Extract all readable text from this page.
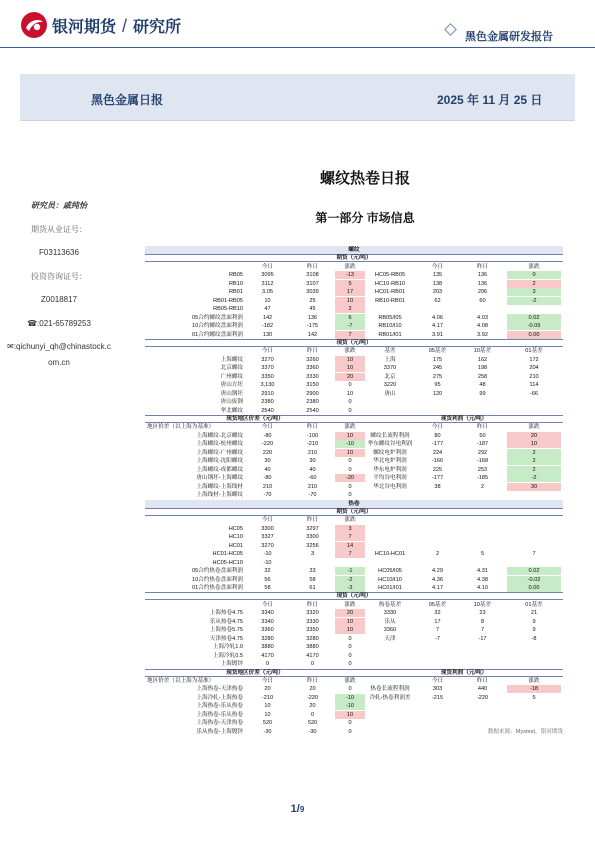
银河期货 / 研究所
黑色金属研发报告
黑色金属日报	2025 年 11 月 25 日
研究员：戚纯怡
期货从业证号：
F03113636
投资咨询证号：
Z0018817
☎:021-65789253
✉:qichunyi_qh@chinastock.c
om.cn
螺纹热卷日报
第一部分 市场信息
螺纹
期货（元/吨）
今日	昨日	涨跌	今日	昨日	涨跌
RB05	3095	3108	-13	HC05-RB05	135	136	0
RB10	3112	3107	5	HC10-RB10	138	136	2
RB01	3,05	3039	17	HC01-RB01	203	206	3
RB01-RB05	10	25	10	RB10-RB01	62	60	-2
RB05-RB10	47	45	2
05合约螺纹盘面利润	142	136	6	RB05/I05	4.06	4.03	0.02
10合约螺纹盘面利润	-182	-175	-7	RB10/I10	4.17	4.08	-0.09
01合约螺纹盘面利润	130	142	7	RB01/I01	3.91	3.92	0.00
现货（元/吨）
今日	昨日	涨跌	基差	05基差	10基差	01基差
上海螺纹	3270	3260	10	上海	175	162	172
北京螺纹	3370	3360	10	3370	245	198	204
广州螺纹	3350	3330	20	北京	275	258	210
唐山方坯	3,130	3150	0	3220	95	48	114
唐山钢坯	2910	2900	10	唐山	120	99	-66
唐山废钢	2380	2380	0
华北螺纹	2540	2540	0
现货地区价差（元/吨）	现货利润（元/吨）
地区价差（以上海为基准）	今日	昨日	涨跌	今日	昨日	涨跌
上海螺纹-北京螺纹	-80	-100	10	螺纹长流程利润	80	50	20
上海螺纹-杭州螺纹	-220	-210	-10	华东螺纹谷电利润	-177	-187	10
上海螺纹-广州螺纹	220	210	10	螺纹电炉利润	224	292	2
上海螺纹-沈阳螺纹	30	30	0	华北电炉利润	-166	-168	2
上海螺纹-成都螺纹	40	40	0	华东电炉利润	225	253	2
唐山钢坯-上海螺纹	-80	-60	-20	平均谷电利润	-177	-185	-2
上海螺纹-上海线材	210	210	0	华北谷电利润	38	2	30
上海线材-上海螺纹	-70	-70	0
热卷
期货（元/吨）
今日	昨日	涨跌
HC05	3300	3297	3
HC10	3327	3300	7
HC01	3270	3256	14
HC01-HC05	-10	3	7	HC10-HC01	2	5	7
HC05-HC10	-10
05合约热卷盘面利润	32	33	-1	HC05/I05	4.29	4.31	0.02
10合约热卷盘面利润	56	58	-2	HC10/I10	4.36	4.38	-0.02
01合约热卷盘面利润	58	61	-3	HC01/I01	4.17	4.10	0.00
现货（元/吨）
今日	昨日	涨跌	热卷基差	05基差	10基差	01基差
上海热卷4.75	3340	3320	20	3330	32	23	21
乐从热卷4.75	3340	3330	10	乐从	17	8	9
上海热卷5.75	3360	3350	10	3360	7	7	9
天津热卷4.75	3280	3280	0	天津	-7	-17	-8
上海冷轧1.0	3880	3880	0
上海冷轧0.5	4170	4170	0
上海镀锌	0	0	0
现货地区价差（元/吨）	现货利润（元/吨）
地区价差（以上海为基准）	今日	昨日	涨跌	今日	昨日	涨跌
上海热卷-天津热卷	20	20	0	热卷长流程利润	303	440	-18
上海冷轧-上海热卷	-210	-220	-10	冷轧-热卷利润差	-215	-220	5
上海热卷-乐从热卷	10	20	-10
上海热卷-乐从热卷	10	0	10
上海热卷-天津热卷	520	520	0
乐从热卷-上海镀锌	-30	-30	0	数据来源：Mysteel，银河期货
1/9
